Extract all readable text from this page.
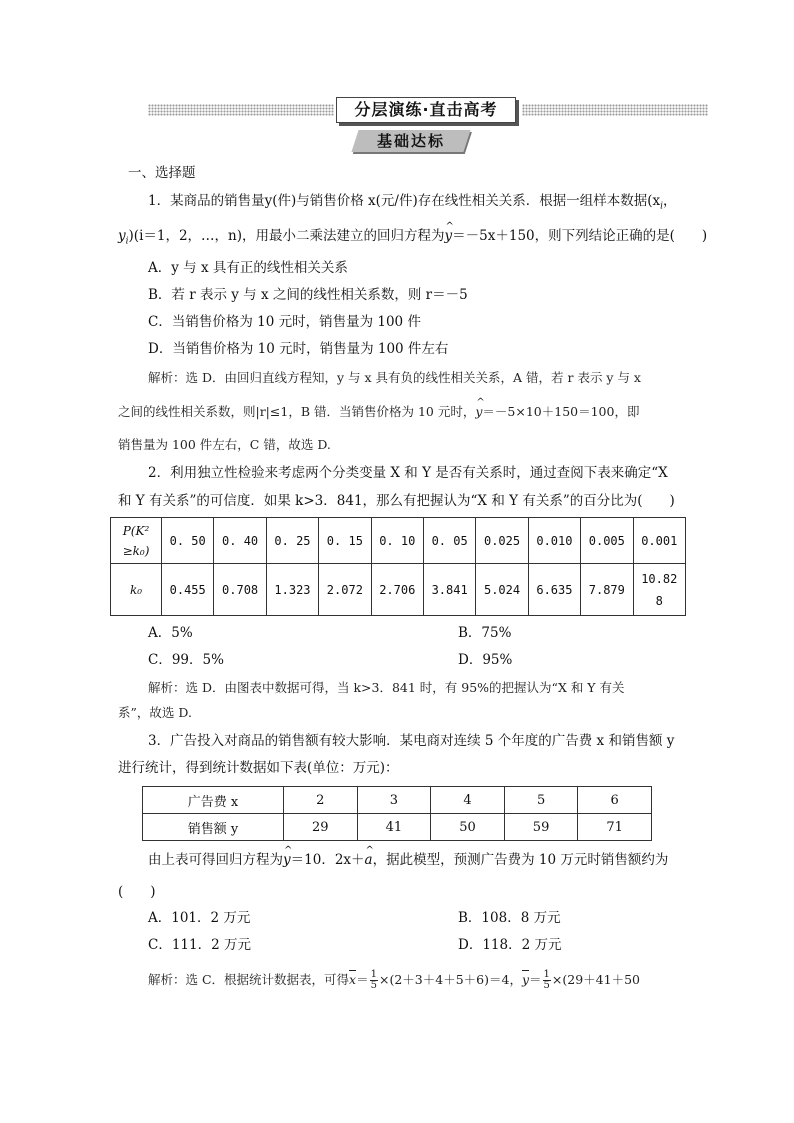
分层演练·直击高考
基础达标
一、选择题
1．某商品的销售量y(件)与销售价格 x(元/件)存在线性相关关系．根据一组样本数据($x_i$，
$y_i)(i=1$，2，…，n)，用最小二乘法建立的回归方程为^ y＝－5x＋150，则下列结论正确的是(　　)
A．y 与 x 具有正的线性相关关系
B．若 r 表示 y 与 x 之间的线性相关系数，则 r＝－5
C．当销售价格为 10 元时，销售量为 100 件
D．当销售价格为 10 元时，销售量为 100 件左右
解析：选 D．由回归直线方程知，y 与 x 具有负的线性相关关系，A 错，若 r 表示 y 与 x
之间的线性相关系数，则|r|≤1，B 错．当销售价格为 10 元时，^ y＝－5×10＋150＝100，即
销售量为 100 件左右，C 错，故选 D.
2．利用独立性检验来考虑两个分类变量 X 和 Y 是否有关系时，通过查阅下表来确定“X
和 Y 有关系”的可信度．如果 k>3．841，那么有把握认为“X 和 Y 有关系”的百分比为(　　)
P(K²
≥k₀)	0. 50	0. 40	0. 25	0. 15	0. 10	0. 05	0.025	0.010	0.005	0.001
k₀	0.455	0.708	1.323	2.072	2.706	3.841	5.024	6.635	7.879	10.82
8
A．5%	B．75%
C．99．5%	D．95%
解析：选 D．由图表中数据可得，当 k>3．841 时，有 95%的把握认为“X 和 Y 有关
系”，故选 D.
3．广告投入对商品的销售额有较大影响．某电商对连续 5 个年度的广告费 x 和销售额 y
进行统计，得到统计数据如下表(单位：万元)：
广告费 x	2	3	4	5	6
销售额 y	29	41	50	59	71
由上表可得回归方程为^ y＝10．2x＋^ a，据此模型，预测广告费为 10 万元时销售额约为
(　　)
A．101．2 万元	B．108．8 万元
C．111．2 万元	D．118．2 万元
解析：选 C．根据统计数据表，可得$x= \frac{1}{5} \times(2+3+4+5+6)=4$，$y= \frac{1}{5} \times(29+41+50$
